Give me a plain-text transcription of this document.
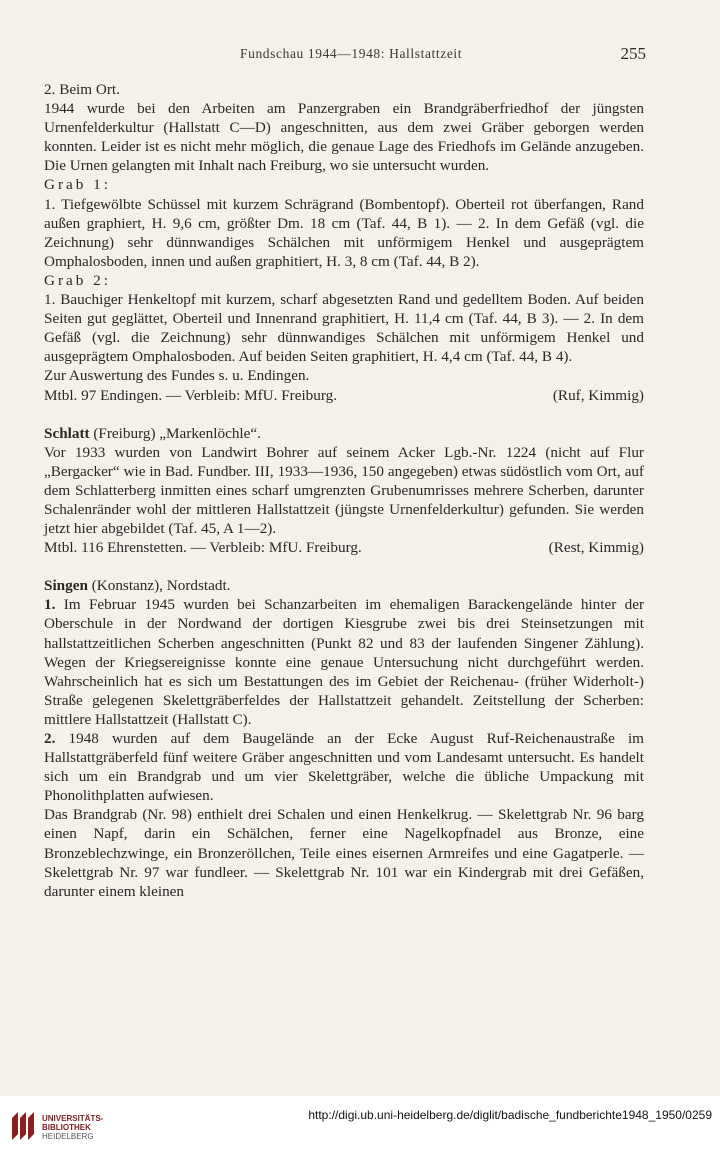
Fundschau 1944—1948: Hallstattzeit	255

2. Beim Ort.

1944 wurde bei den Arbeiten am Panzergraben ein Brandgräberfriedhof der jüngsten Urnenfelderkultur (Hallstatt C—D) angeschnitten, aus dem zwei Gräber geborgen werden konnten. Leider ist es nicht mehr möglich, die genaue Lage des Friedhofs im Gelände anzugeben. Die Urnen gelangten mit Inhalt nach Freiburg, wo sie untersucht wurden.

Grab 1:

1. Tiefgewölbte Schüssel mit kurzem Schrägrand (Bombentopf). Oberteil rot überfangen, Rand außen graphiert, H. 9,6 cm, größter Dm. 18 cm (Taf. 44, B 1). — 2. In dem Gefäß (vgl. die Zeichnung) sehr dünnwandiges Schälchen mit unförmigem Henkel und ausgeprägtem Omphalosboden, innen und außen graphitiert, H. 3, 8 cm (Taf. 44, B 2).

Grab 2:

1. Bauchiger Henkeltopf mit kurzem, scharf abgesetzten Rand und gedelltem Boden. Auf beiden Seiten gut geglättet, Oberteil und Innenrand graphitiert, H. 11,4 cm (Taf. 44, B 3). — 2. In dem Gefäß (vgl. die Zeichnung) sehr dünnwandiges Schälchen mit unförmigem Henkel und ausgeprägtem Omphalosboden. Auf beiden Seiten graphitiert, H. 4,4 cm (Taf. 44, B 4).

Zur Auswertung des Fundes s. u. Endingen.

Mtbl. 97 Endingen. — Verbleib: MfU. Freiburg.	(Ruf, Kimmig)

Schlatt (Freiburg) „Markenlöchle“.

Vor 1933 wurden von Landwirt Bohrer auf seinem Acker Lgb.-Nr. 1224 (nicht auf Flur „Bergacker“ wie in Bad. Fundber. III, 1933—1936, 150 angegeben) etwas südöstlich vom Ort, auf dem Schlatterberg inmitten eines scharf umgrenzten Grubenumrisses mehrere Scherben, darunter Schalenränder wohl der mittleren Hallstattzeit (jüngste Urnenfelderkultur) gefunden. Sie werden jetzt hier abgebildet (Taf. 45, A 1—2).

Mtbl. 116 Ehrenstetten. — Verbleib: MfU. Freiburg.	(Rest, Kimmig)

Singen (Konstanz), Nordstadt.

1. Im Februar 1945 wurden bei Schanzarbeiten im ehemaligen Barackengelände hinter der Oberschule in der Nordwand der dortigen Kiesgrube zwei bis drei Steinsetzungen mit hallstattzeitlichen Scherben angeschnitten (Punkt 82 und 83 der laufenden Singener Zählung). Wegen der Kriegsereignisse konnte eine genaue Untersuchung nicht durchgeführt werden. Wahrscheinlich hat es sich um Bestattungen des im Gebiet der Reichenau- (früher Widerholt-) Straße gelegenen Skelettgräberfeldes der Hallstattzeit gehandelt. Zeitstellung der Scherben: mittlere Hallstattzeit (Hallstatt C).

2. 1948 wurden auf dem Baugelände an der Ecke August Ruf-Reichenaustraße im Hallstattgräberfeld fünf weitere Gräber angeschnitten und vom Landesamt untersucht. Es handelt sich um ein Brandgrab und um vier Skelettgräber, welche die übliche Umpackung mit Phonolithplatten aufwiesen.

Das Brandgrab (Nr. 98) enthielt drei Schalen und einen Henkelkrug. — Skelettgrab Nr. 96 barg einen Napf, darin ein Schälchen, ferner eine Nagelkopfnadel aus Bronze, eine Bronzeblechzwinge, ein Bronzeröllchen, Teile eines eisernen Armreifes und eine Gagatperle. — Skelettgrab Nr. 97 war fundleer. — Skelettgrab Nr. 101 war ein Kindergrab mit drei Gefäßen, darunter einem kleinen

UNIVERSITÄTS-
BIBLIOTHEK
HEIDELBERG
http://digi.ub.uni-heidelberg.de/diglit/badische_fundberichte1948_1950/0259
